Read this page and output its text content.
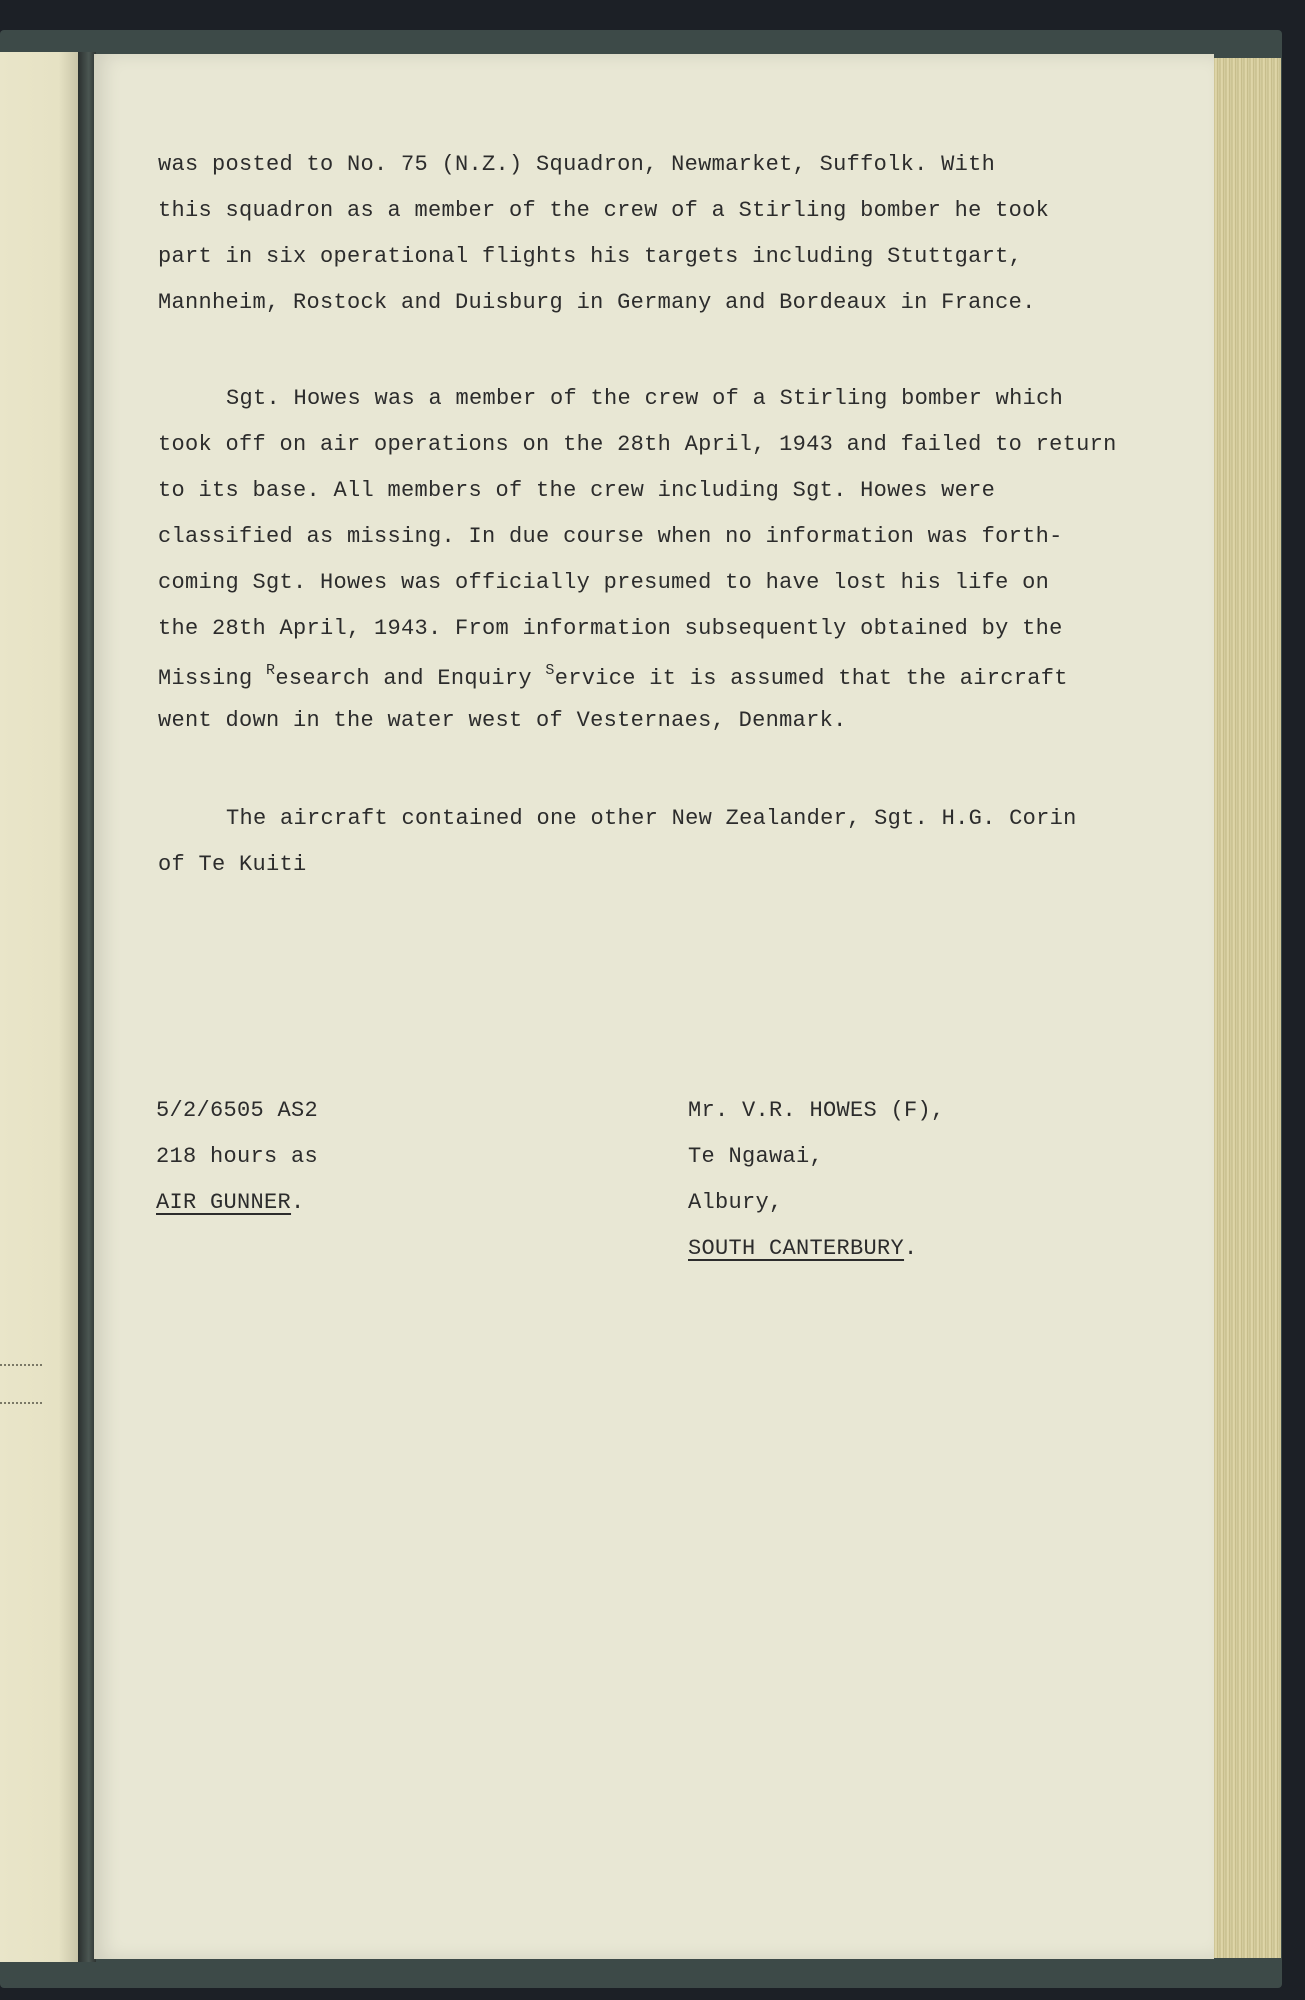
was posted to No. 75 (N.Z.) Squadron, Newmarket, Suffolk. With

this squadron as a member of the crew of a Stirling bomber he took

part in six operational flights his targets including Stuttgart,

Mannheim, Rostock and Duisburg in Germany and Bordeaux in France.

Sgt. Howes was a member of the crew of a Stirling bomber which

took off on air operations on the 28th April, 1943 and failed to return

to its base. All members of the crew including Sgt. Howes were

classified as missing. In due course when no information was forth-

coming Sgt. Howes was officially presumed to have lost his life on

the 28th April, 1943. From information subsequently obtained by the

Missing $^R$esearch and Enquiry $^S$ervice it is assumed that the aircraft

went down in the water west of Vesternaes, Denmark.

The aircraft contained one other New Zealander, Sgt. H.G. Corin

of Te Kuiti

5/2/6505 AS2

218 hours as

AIR GUNNER.

Mr. V.R. HOWES (F),

Te Ngawai,

Albury,

SOUTH CANTERBURY.
